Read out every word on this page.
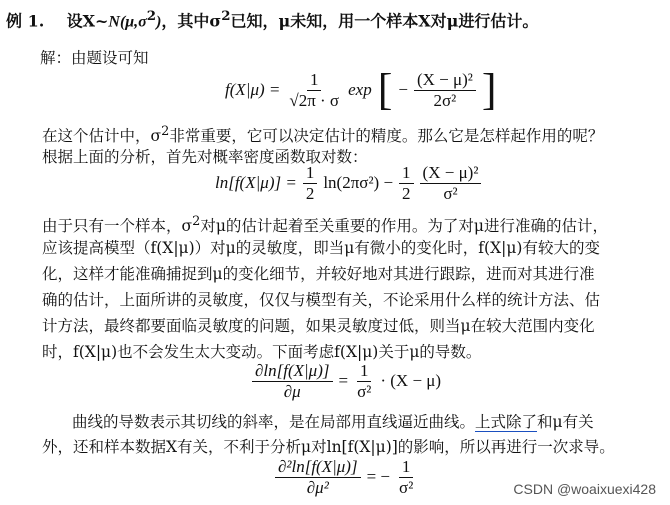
例 1. 设$X\sim N(\mu,\sigma^2)$，其中$\sigma^2$已知，μ未知，用一个样本X对μ进行估计。
解：由题设可知
$f(X|\mu) = \frac{1}{√2\pi \cdot \sigma}$ exp [ − $\frac{\text{(X − μ)²}}{\text{2σ²}}$ ]
在这个估计中，$\sigma^2$非常重要，它可以决定估计的精度。那么它是怎样起作用的呢？
根据上面的分析，首先对概率密度函数取对数：
$\ln[f(X|\mu)] = \frac{1}{2} \ln(2\pi\sigma^2) - \frac{1}{2} \frac{\text{(X − μ)²}}{\text{σ²}}$
由于只有一个样本，$\sigma^2$对μ的估计起着至关重要的作用。为了对μ进行准确的估计，
应该提高模型（f(X|μ)）对μ的灵敏度，即当μ有微小的变化时，f(X|μ)有较大的变
化，这样才能准确捕捉到μ的变化细节，并较好地对其进行跟踪，进而对其进行准
确的估计，上面所讲的灵敏度，仅仅与模型有关，不论采用什么样的统计方法、估
计方法，最终都要面临灵敏度的问题，如果灵敏度过低，则当μ在较大范围内变化
时，f(X|μ)也不会发生太大变动。下面考虑f(X|μ)关于μ的导数。
$\frac{\partial\ln[f(X|\mu)]}{\partial\mu} = \frac{1}{\text{σ²}} \cdot (X - \mu)$
曲线的导数表示其切线的斜率，是在局部用直线逼近曲线。上式除了和μ有关
外，还和样本数据X有关，不利于分析μ对ln[f(X|μ)]的影响，所以再进行一次求导。
$\frac{\text{∂²ln[f(X|μ)]}}{\text{∂μ²}}$ = − $\frac{1}{\text{σ²}}$	CSDN @woaixuexi428
